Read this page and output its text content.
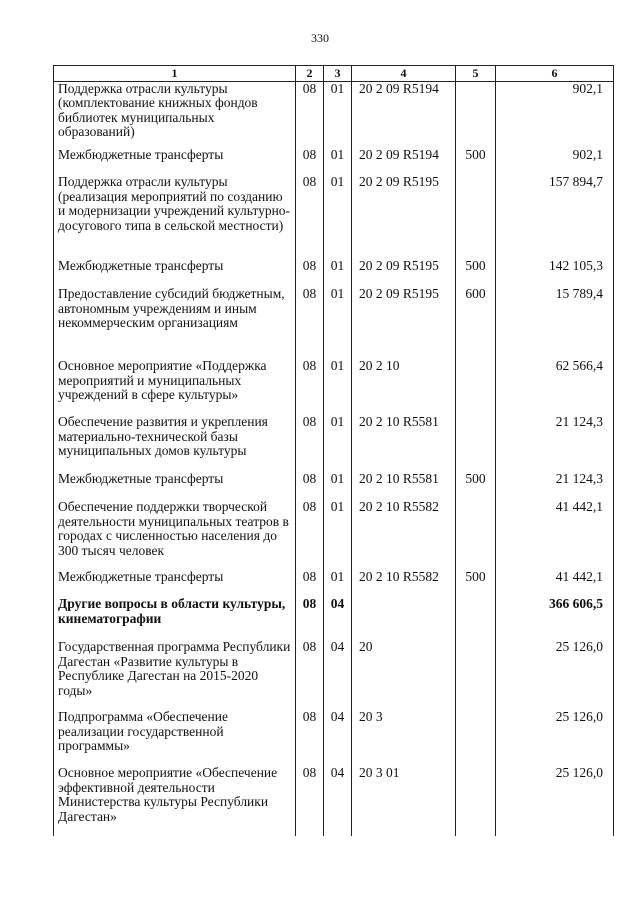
330
1	2	3	4	5	6
Поддержка отрасли культуры (комплектование книжных фондов библиотек муниципальных образований)	08	01	20 2 09 R5194		902,1
Межбюджетные трансферты	08	01	20 2 09 R5194	500	902,1
Поддержка отрасли культуры (реализация мероприятий по созданию и модернизации учреждений культурно-досугового типа в сельской местности)	08	01	20 2 09 R5195		157 894,7
Межбюджетные трансферты	08	01	20 2 09 R5195	500	142 105,3
Предоставление субсидий бюджетным, автономным учреждениям и иным некоммерческим организациям	08	01	20 2 09 R5195	600	15 789,4
Основное мероприятие «Поддержка мероприятий и муниципальных учреждений в сфере культуры»	08	01	20 2 10		62 566,4
Обеспечение развития и укрепления материально-технической базы муниципальных домов культуры	08	01	20 2 10 R5581		21 124,3
Межбюджетные трансферты	08	01	20 2 10 R5581	500	21 124,3
Обеспечение поддержки творческой деятельности муниципальных театров в городах с численностью населения до 300 тысяч человек	08	01	20 2 10 R5582		41 442,1
Межбюджетные трансферты	08	01	20 2 10 R5582	500	41 442,1
Другие вопросы в области культуры, кинематографии	08	04			366 606,5
Государственная программа Республики Дагестан «Развитие культуры в Республике Дагестан на 2015-2020 годы»	08	04	20		25 126,0
Подпрограмма «Обеспечение реализации государственной программы»	08	04	20 3		25 126,0
Основное мероприятие «Обеспечение эффективной деятельности Министерства культуры Республики Дагестан»	08	04	20 3 01		25 126,0
